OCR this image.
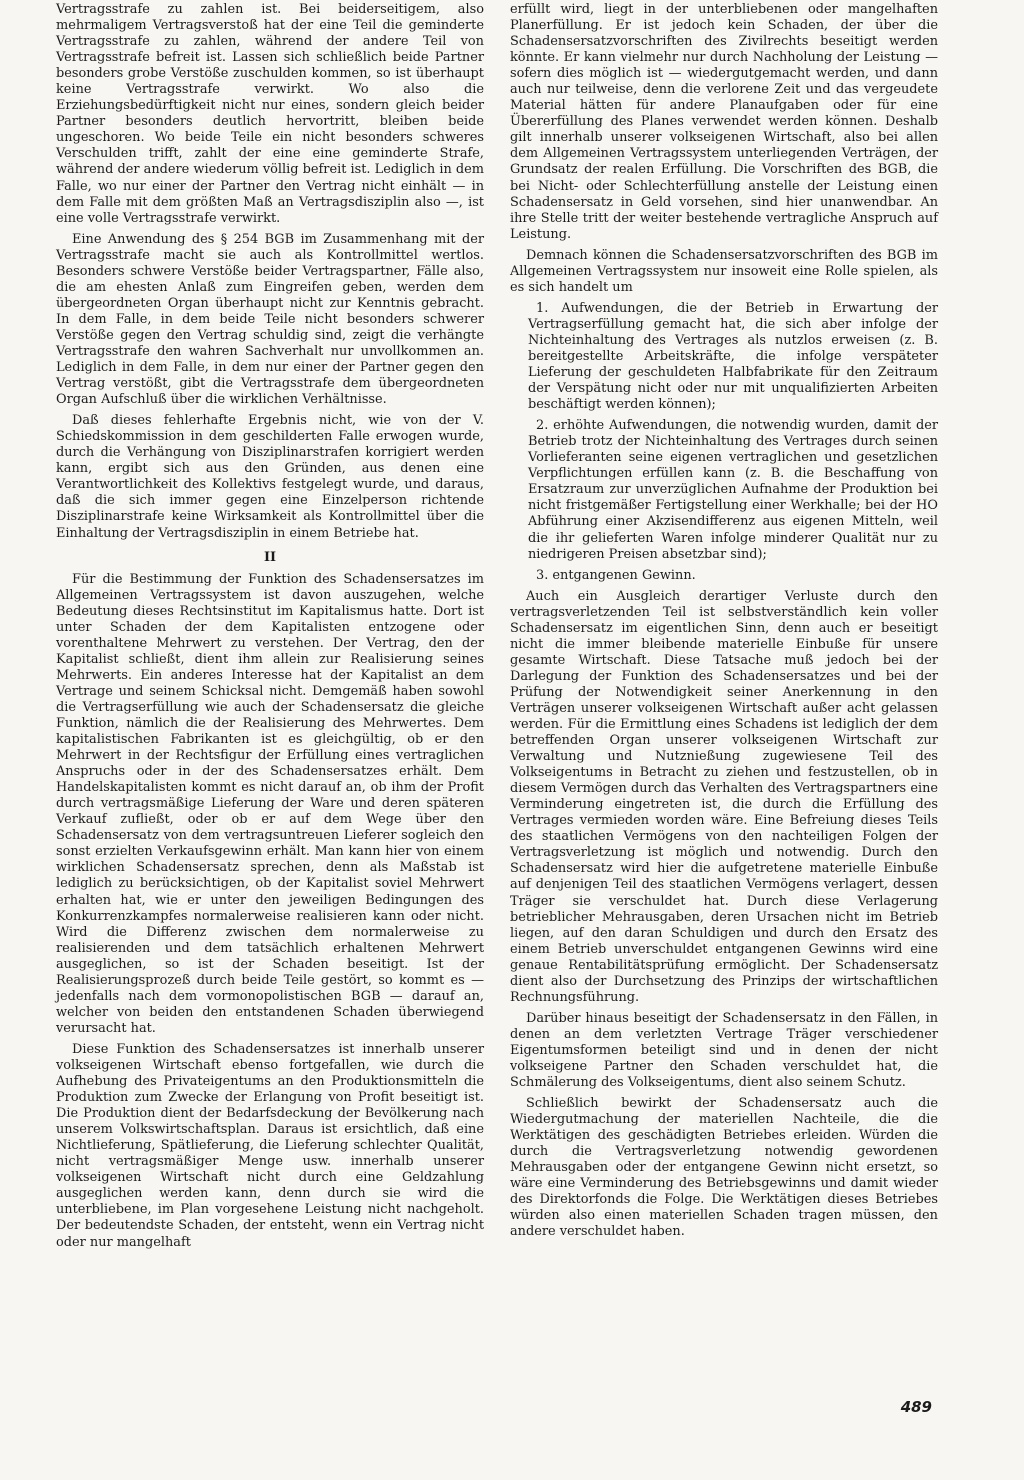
Vertragsstrafe zu zahlen ist. Bei beiderseitigem, also mehrmaligem Vertragsverstoß hat der eine Teil die geminderte Vertragsstrafe zu zahlen, während der andere Teil von Vertragsstrafe befreit ist. Lassen sich schließlich beide Partner besonders grobe Verstöße zuschulden kommen, so ist überhaupt keine Vertragsstrafe verwirkt. Wo also die Erziehungsbedürftigkeit nicht nur eines, sondern gleich beider Partner besonders deutlich hervortritt, bleiben beide ungeschoren. Wo beide Teile ein nicht besonders schweres Verschulden trifft, zahlt der eine eine geminderte Strafe, während der andere wiederum völlig befreit ist. Lediglich in dem Falle, wo nur einer der Partner den Vertrag nicht einhält — in dem Falle mit dem größten Maß an Vertragsdisziplin also —, ist eine volle Vertragsstrafe verwirkt.

Eine Anwendung des § 254 BGB im Zusammenhang mit der Vertragsstrafe macht sie auch als Kontrollmittel wertlos. Besonders schwere Verstöße beider Vertragspartner, Fälle also, die am ehesten Anlaß zum Eingreifen geben, werden dem übergeordneten Organ überhaupt nicht zur Kenntnis gebracht. In dem Falle, in dem beide Teile nicht besonders schwerer Verstöße gegen den Vertrag schuldig sind, zeigt die verhängte Vertragsstrafe den wahren Sachverhalt nur unvollkommen an. Lediglich in dem Falle, in dem nur einer der Partner gegen den Vertrag verstößt, gibt die Vertragsstrafe dem übergeordneten Organ Aufschluß über die wirklichen Verhältnisse.

Daß dieses fehlerhafte Ergebnis nicht, wie von der V. Schiedskommission in dem geschilderten Falle erwogen wurde, durch die Verhängung von Disziplinarstrafen korrigiert werden kann, ergibt sich aus den Gründen, aus denen eine Verantwortlichkeit des Kollektivs festgelegt wurde, und daraus, daß die sich immer gegen eine Einzelperson richtende Disziplinarstrafe keine Wirksamkeit als Kontrollmittel über die Einhaltung der Vertragsdisziplin in einem Betriebe hat.

II

Für die Bestimmung der Funktion des Schadensersatzes im Allgemeinen Vertragssystem ist davon auszugehen, welche Bedeutung dieses Rechtsinstitut im Kapitalismus hatte. Dort ist unter Schaden der dem Kapitalisten entzogene oder vorenthaltene Mehrwert zu verstehen. Der Vertrag, den der Kapitalist schließt, dient ihm allein zur Realisierung seines Mehrwerts. Ein anderes Interesse hat der Kapitalist an dem Vertrage und seinem Schicksal nicht. Demgemäß haben sowohl die Vertragserfüllung wie auch der Schadensersatz die gleiche Funktion, nämlich die der Realisierung des Mehrwertes. Dem kapitalistischen Fabrikanten ist es gleichgültig, ob er den Mehrwert in der Rechtsfigur der Erfüllung eines vertraglichen Anspruchs oder in der des Schadensersatzes erhält. Dem Handelskapitalisten kommt es nicht darauf an, ob ihm der Profit durch vertragsmäßige Lieferung der Ware und deren späteren Verkauf zufließt, oder ob er auf dem Wege über den Schadensersatz von dem vertragsuntreuen Lieferer sogleich den sonst erzielten Verkaufsgewinn erhält. Man kann hier von einem wirklichen Schadensersatz sprechen, denn als Maßstab ist lediglich zu berücksichtigen, ob der Kapitalist soviel Mehrwert erhalten hat, wie er unter den jeweiligen Bedingungen des Konkurrenzkampfes normalerweise realisieren kann oder nicht. Wird die Differenz zwischen dem normalerweise zu realisierenden und dem tatsächlich erhaltenen Mehrwert ausgeglichen, so ist der Schaden beseitigt. Ist der Realisierungsprozeß durch beide Teile gestört, so kommt es — jedenfalls nach dem vormonopolistischen BGB — darauf an, welcher von beiden den entstandenen Schaden überwiegend verursacht hat.

Diese Funktion des Schadensersatzes ist innerhalb unserer volkseigenen Wirtschaft ebenso fortgefallen, wie durch die Aufhebung des Privateigentums an den Produktionsmitteln die Produktion zum Zwecke der Erlangung von Profit beseitigt ist. Die Produktion dient der Bedarfsdeckung der Bevölkerung nach unserem Volkswirtschaftsplan. Daraus ist ersichtlich, daß eine Nichtlieferung, Spätlieferung, die Lieferung schlechter Qualität, nicht vertragsmäßiger Menge usw. innerhalb unserer volkseigenen Wirtschaft nicht durch eine Geldzahlung ausgeglichen werden kann, denn durch sie wird die unterbliebene, im Plan vorgesehene Leistung nicht nachgeholt. Der bedeutendste Schaden, der entsteht, wenn ein Vertrag nicht oder nur mangelhaft

erfüllt wird, liegt in der unterbliebenen oder mangelhaften Planerfüllung. Er ist jedoch kein Schaden, der über die Schadensersatzvorschriften des Zivilrechts beseitigt werden könnte. Er kann vielmehr nur durch Nachholung der Leistung — sofern dies möglich ist — wiedergutgemacht werden, und dann auch nur teilweise, denn die verlorene Zeit und das vergeudete Material hätten für andere Planaufgaben oder für eine Übererfüllung des Planes verwendet werden können. Deshalb gilt innerhalb unserer volkseigenen Wirtschaft, also bei allen dem Allgemeinen Vertragssystem unterliegenden Verträgen, der Grundsatz der realen Erfüllung. Die Vorschriften des BGB, die bei Nicht- oder Schlechterfüllung anstelle der Leistung einen Schadensersatz in Geld vorsehen, sind hier unanwendbar. An ihre Stelle tritt der weiter bestehende vertragliche Anspruch auf Leistung.

Demnach können die Schadensersatzvorschriften des BGB im Allgemeinen Vertragssystem nur insoweit eine Rolle spielen, als es sich handelt um

1. Aufwendungen, die der Betrieb in Erwartung der Vertragserfüllung gemacht hat, die sich aber infolge der Nichteinhaltung des Vertrages als nutzlos erweisen (z. B. bereitgestellte Arbeitskräfte, die infolge verspäteter Lieferung der geschuldeten Halbfabrikate für den Zeitraum der Verspätung nicht oder nur mit unqualifizierten Arbeiten beschäftigt werden können);

2. erhöhte Aufwendungen, die notwendig wurden, damit der Betrieb trotz der Nichteinhaltung des Vertrages durch seinen Vorlieferanten seine eigenen vertraglichen und gesetzlichen Verpflichtungen erfüllen kann (z. B. die Beschaffung von Ersatzraum zur unverzüglichen Aufnahme der Produktion bei nicht fristgemäßer Fertigstellung einer Werkhalle; bei der HO Abführung einer Akzisendifferenz aus eigenen Mitteln, weil die ihr gelieferten Waren infolge minderer Qualität nur zu niedrigeren Preisen absetzbar sind);

3. entgangenen Gewinn.

Auch ein Ausgleich derartiger Verluste durch den vertragsverletzenden Teil ist selbstverständlich kein voller Schadensersatz im eigentlichen Sinn, denn auch er beseitigt nicht die immer bleibende materielle Einbuße für unsere gesamte Wirtschaft. Diese Tatsache muß jedoch bei der Darlegung der Funktion des Schadensersatzes und bei der Prüfung der Notwendigkeit seiner Anerkennung in den Verträgen unserer volkseigenen Wirtschaft außer acht gelassen werden. Für die Ermittlung eines Schadens ist lediglich der dem betreffenden Organ unserer volkseigenen Wirtschaft zur Verwaltung und Nutznießung zugewiesene Teil des Volkseigentums in Betracht zu ziehen und festzustellen, ob in diesem Vermögen durch das Verhalten des Vertragspartners eine Verminderung eingetreten ist, die durch die Erfüllung des Vertrages vermieden worden wäre. Eine Befreiung dieses Teils des staatlichen Vermögens von den nachteiligen Folgen der Vertragsverletzung ist möglich und notwendig. Durch den Schadensersatz wird hier die aufgetretene materielle Einbuße auf denjenigen Teil des staatlichen Vermögens verlagert, dessen Träger sie verschuldet hat. Durch diese Verlagerung betrieblicher Mehrausgaben, deren Ursachen nicht im Betrieb liegen, auf den daran Schuldigen und durch den Ersatz des einem Betrieb unverschuldet entgangenen Gewinns wird eine genaue Rentabilitätsprüfung ermöglicht. Der Schadensersatz dient also der Durchsetzung des Prinzips der wirtschaftlichen Rechnungsführung.

Darüber hinaus beseitigt der Schadensersatz in den Fällen, in denen an dem verletzten Vertrage Träger verschiedener Eigentumsformen beteiligt sind und in denen der nicht volkseigene Partner den Schaden verschuldet hat, die Schmälerung des Volkseigentums, dient also seinem Schutz.

Schließlich bewirkt der Schadensersatz auch die Wiedergutmachung der materiellen Nachteile, die die Werktätigen des geschädigten Betriebes erleiden. Würden die durch die Vertragsverletzung notwendig gewordenen Mehrausgaben oder der entgangene Gewinn nicht ersetzt, so wäre eine Verminderung des Betriebsgewinns und damit wieder des Direktorfonds die Folge. Die Werktätigen dieses Betriebes würden also einen materiellen Schaden tragen müssen, den andere verschuldet haben.

489
